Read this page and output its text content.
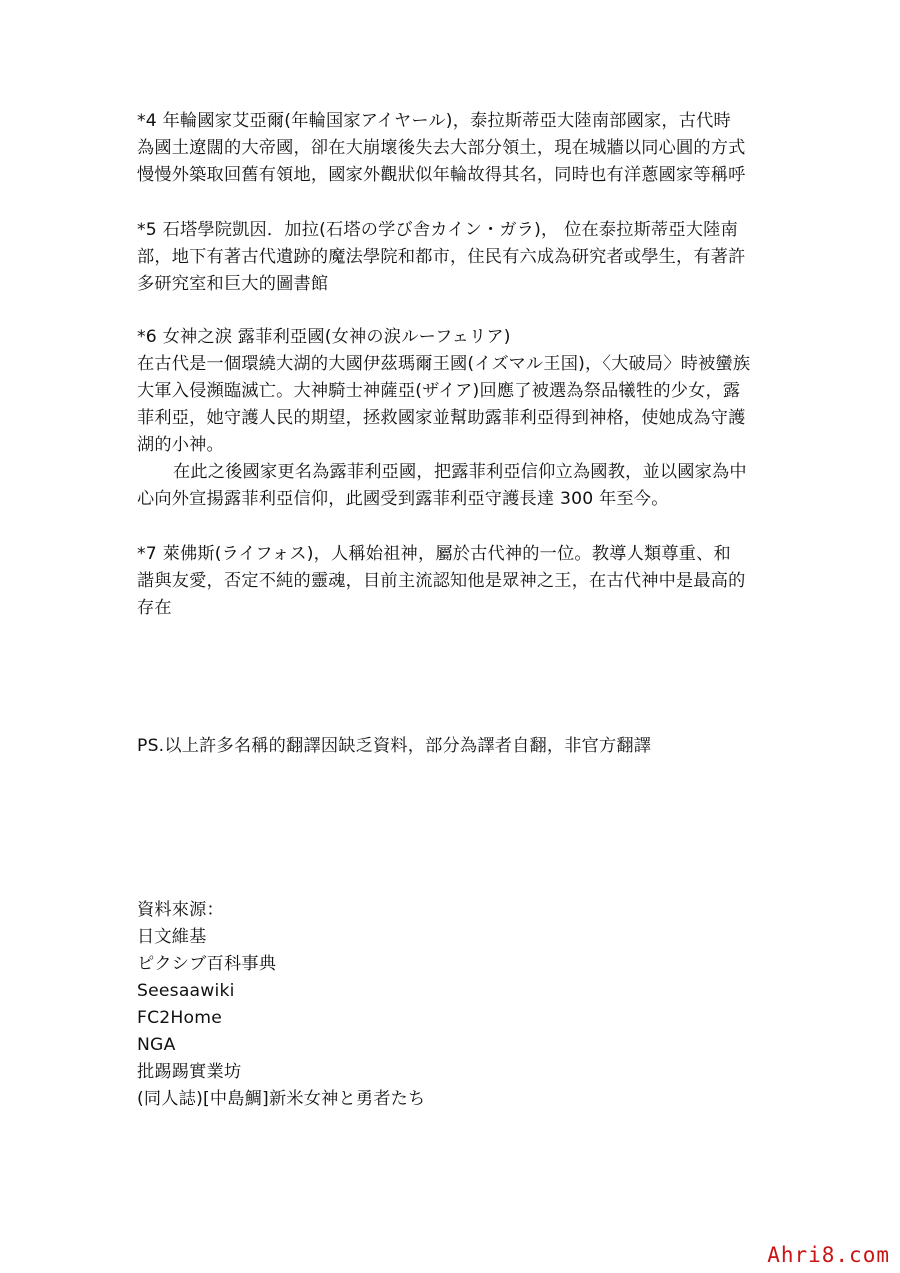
*4 年輪國家艾亞爾(年輪国家アイヤール)，泰拉斯蒂亞大陸南部國家，古代時
為國土遼闊的大帝國，卻在大崩壞後失去大部分領土，現在城牆以同心圓的方式
慢慢外築取回舊有領地，國家外觀狀似年輪故得其名，同時也有洋蔥國家等稱呼
*5 石塔學院凱因．加拉(石塔の学び舎カイン・ガラ)， 位在泰拉斯蒂亞大陸南
部，地下有著古代遺跡的魔法學院和都市，住民有六成為研究者或學生，有著許
多研究室和巨大的圖書館
*6 女神之淚 露菲利亞國(女神の涙ルーフェリア)
在古代是一個環繞大湖的大國伊茲瑪爾王國(イズマル王国)，〈大破局〉時被蠻族
大軍入侵瀕臨滅亡。大神騎士神薩亞(ザイア)回應了被選為祭品犧牲的少女，露
菲利亞，她守護人民的期望，拯救國家並幫助露菲利亞得到神格，使她成為守護
湖的小神。
在此之後國家更名為露菲利亞國，把露菲利亞信仰立為國教，並以國家為中
心向外宣揚露菲利亞信仰，此國受到露菲利亞守護長達 300 年至今。
*7 萊佛斯(ライフォス)，人稱始祖神，屬於古代神的一位。教導人類尊重、和
諧與友愛，否定不純的靈魂，目前主流認知他是眾神之王，在古代神中是最高的
存在
PS.以上許多名稱的翻譯因缺乏資料，部分為譯者自翻，非官方翻譯
資料來源：
日文維基
ピクシブ百科事典
Seesaawiki
FC2Home
NGA
批踢踢實業坊
(同人誌)[中島鯛]新米女神と勇者たち
Ahri8.com
